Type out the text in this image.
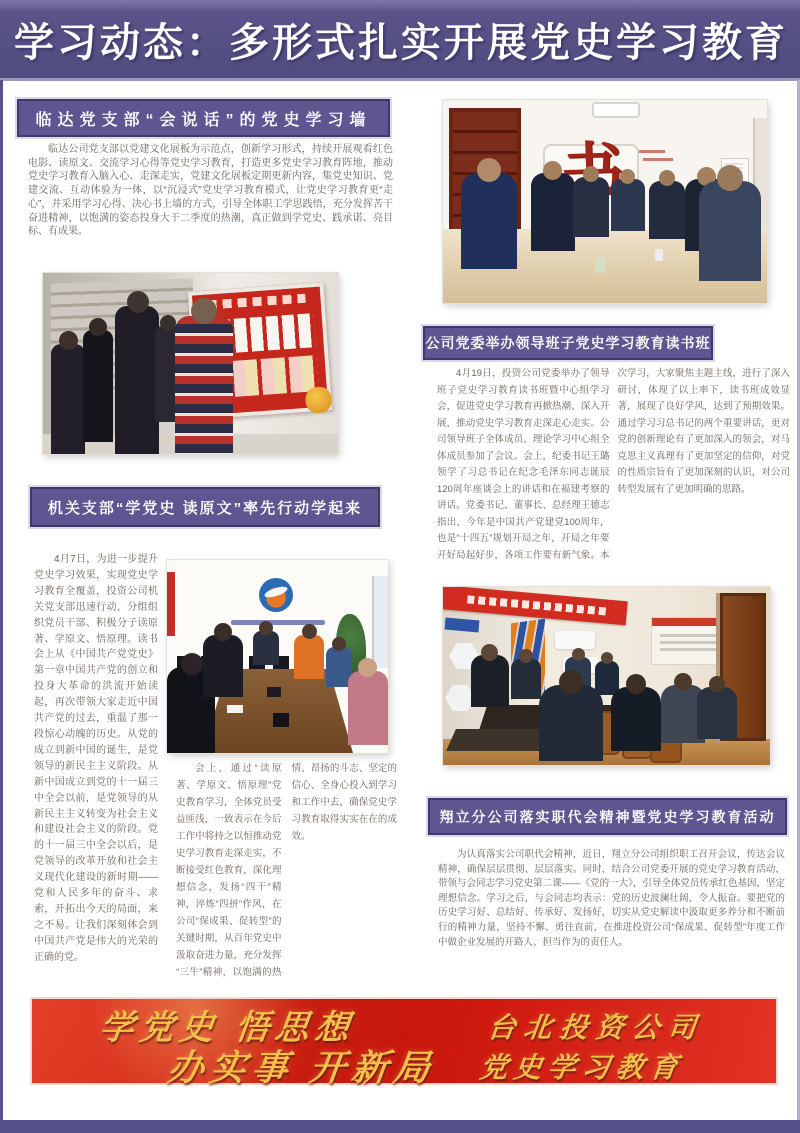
学习动态：多形式扎实开展党史学习教育
临达党支部“会说话”的党史学习墙
临达公司党支部以党建文化展板为示范点，创新学习形式，持续开展观看红色电影、读原文、交流学习心得等党史学习教育，打造更多党史学习教育阵地，推动党史学习教育入脑入心、走深走实，党建文化展板定期更新内容，集党史知识、党建交流、互动体验为一体，以“沉浸式”党史学习教育模式，让党史学习教育更“走心”，并采用学习心得、决心书上墙的方式，引导全体职工学思践悟，充分发挥苦干奋进精神，以饱满的姿态投身大干二季度的热潮，真正做到学党史、践承诺、亮目标、有成果。
机关支部“学党史 读原文”率先行动学起来
4月7日，为进一步提升党史学习效果，实现党史学习教育全覆盖，投资公司机关党支部迅速行动，分组组织党员干部、积极分子读原著、学原文、悟原理。读书会上从《中国共产党党史》第一章中国共产党的创立和投身大革命的洪流开始读起，再次带领大家走近中国共产党的过去，重温了那一段惊心动魄的历史。从党的成立到新中国的诞生，是党领导的新民主主义阶段。从新中国成立到党的十一届三中全会以前，是党领导的从新民主主义转变为社会主义和建设社会主义的阶段。党的十一届三中全会以后，是党领导的改革开放和社会主义现代化建设的新时期——党和人民多年的奋斗、求索，开拓出今天的局面，来之不易。让我们深刻体会到中国共产党是伟大的光荣的正确的党。
会上，通过“读原著、学原文、悟原理”党史教育学习，全体党员受益匪浅，一致表示在今后工作中将持之以恒推动党史学习教育走深走实，不断接受红色教育，深化理想信念，发扬“四干”精神，淬炼“四拼”作风，在公司“保成果、促转型”的关键时期，从百年党史中汲取奋进力量，充分发挥“三牛”精神，以饱满的热情、昂扬的斗志、坚定的信心、全身心投入到学习和工作中去，确保党史学习教育取得实实在在的成效。
公司党委举办领导班子党史学习教育读书班
4月19日，投资公司党委举办了领导班子党史学习教育读书班暨中心组学习会，促进党史学习教育再掀热潮、深入开展，推动党史学习教育走深走心走实。公司领导班子全体成员、理论学习中心组全体成员参加了会议。会上，纪委书记王璐领学了习总书记在纪念毛泽东同志诞辰120周年座谈会上的讲话和在福建考察的讲话。党委书记、董事长、总经理王德志指出，今年是中国共产党建党100周年，也是“十四五”规划开局之年，开局之年要开好局起好步，各项工作要有新气象。本次学习，大家聚焦主题主线，进行了深入研讨，体现了以上率下，读书班成效显著，展现了良好学风，达到了预期效果。通过学习习总书记的两个重要讲话，更对党的创新理论有了更加深入的领会，对马克思主义真理有了更加坚定的信仰，对党的性质宗旨有了更加深刻的认识，对公司转型发展有了更加明确的思路。
翔立分公司落实职代会精神暨党史学习教育活动
为认真落实公司职代会精神，近日，翔立分公司组织职工召开会议，传达会议精神，确保层层贯彻、层层落实。同时，结合公司党委开展的党史学习教育活动，带领与会同志学习党史第二课——《党的一大》，引导全体党员传承红色基因，坚定理想信念。学习之后，与会同志均表示：党的历史波澜壮阔，令人振奋。要把党的历史学习好、总结好、传承好、发扬好，切实从党史解读中汲取更多养分和不断前行的精神力量，坚持不懈、勇往直前，在推进投资公司“保成果、促转型”年度工作中做企业发展的开路人、担当作为的责任人。
学党史 悟思想
办实事 开新局
台北投资公司
党史学习教育
